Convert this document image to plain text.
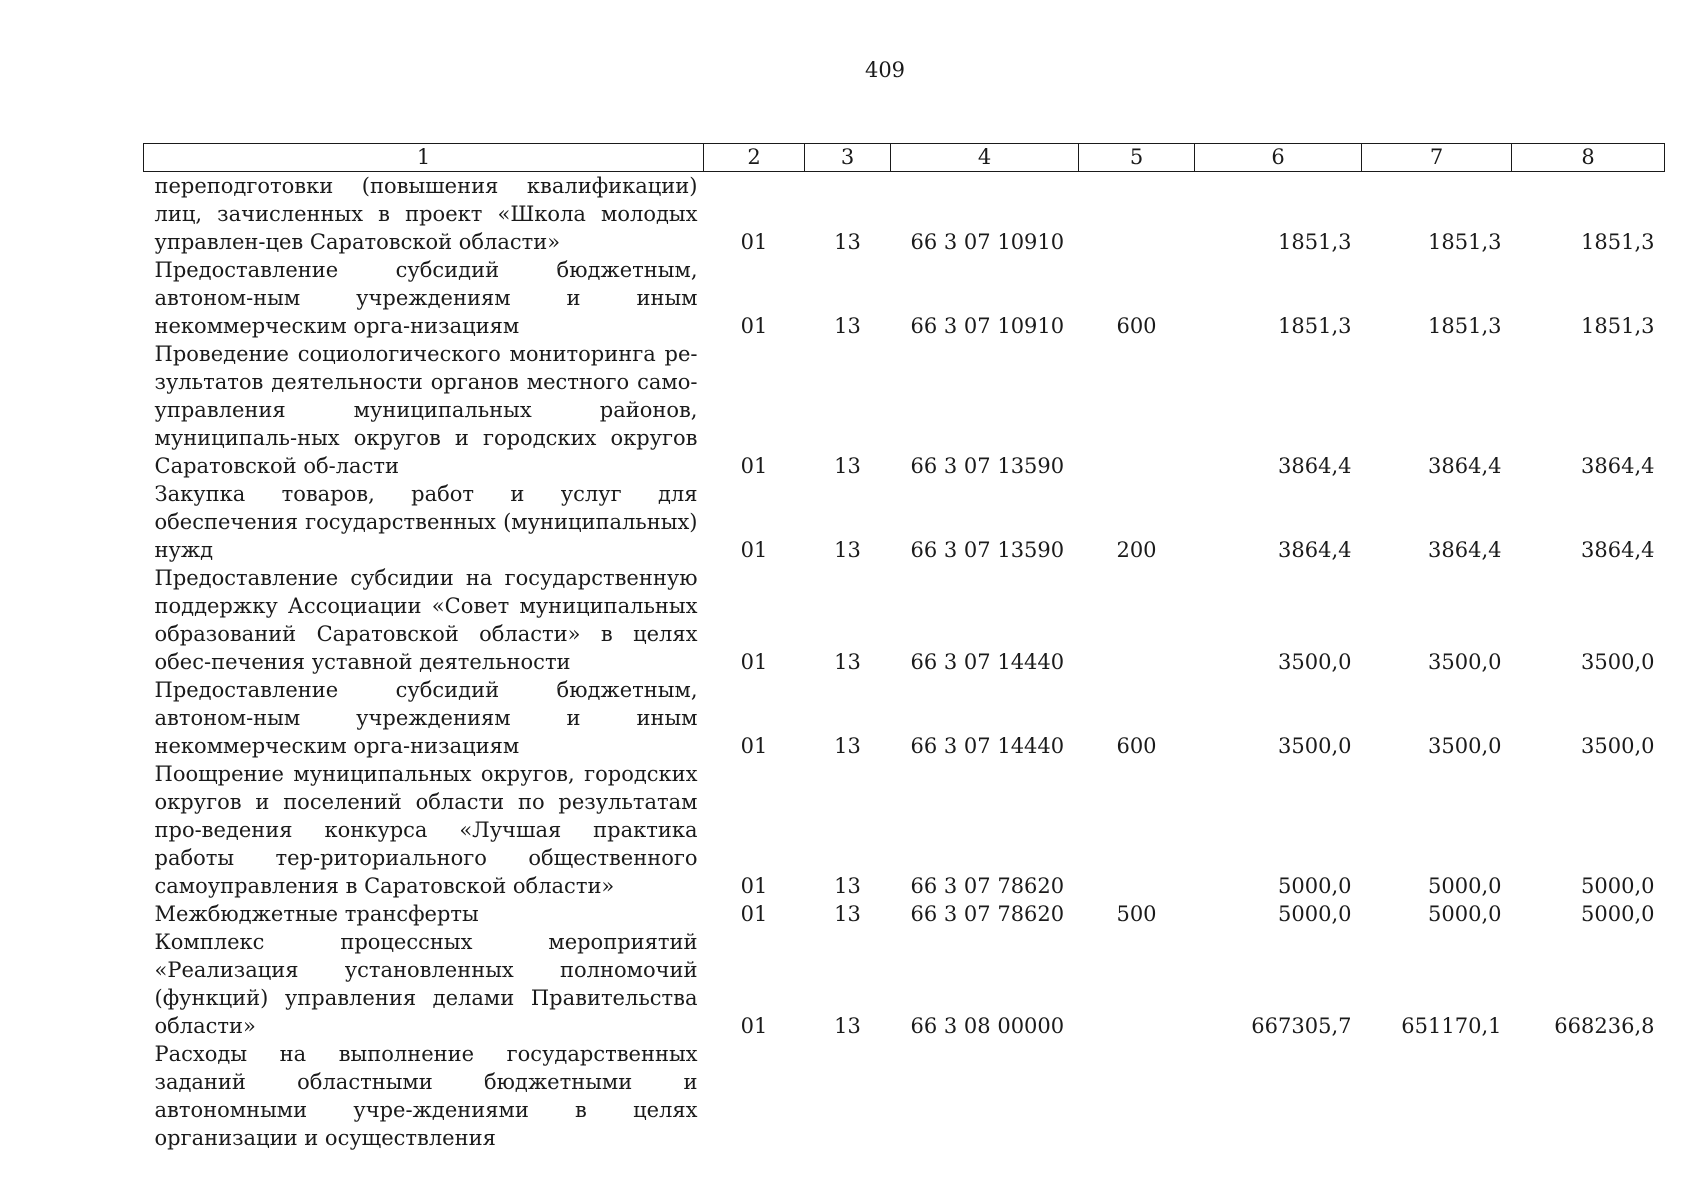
409
1	2	3	4	5	6	7	8
переподготовки (повышения квалификации) лиц, зачисленных в проект «Школа молодых управлен-цев Саратовской области»	01	13	66 3 07 10910		1851,3	1851,3	1851,3
Предоставление субсидий бюджетным, автоном-ным учреждениям и иным некоммерческим орга-низациям	01	13	66 3 07 10910	600	1851,3	1851,3	1851,3
Проведение социологического мониторинга ре-зультатов деятельности органов местного само-управления муниципальных районов, муниципаль-ных округов и городских округов Саратовской об-ласти	01	13	66 3 07 13590		3864,4	3864,4	3864,4
Закупка товаров, работ и услуг для обеспечения государственных (муниципальных) нужд	01	13	66 3 07 13590	200	3864,4	3864,4	3864,4
Предоставление субсидии на государственную поддержку Ассоциации «Совет муниципальных образований Саратовской области» в целях обес-печения уставной деятельности	01	13	66 3 07 14440		3500,0	3500,0	3500,0
Предоставление субсидий бюджетным, автоном-ным учреждениям и иным некоммерческим орга-низациям	01	13	66 3 07 14440	600	3500,0	3500,0	3500,0
Поощрение муниципальных округов, городских округов и поселений области по результатам про-ведения конкурса «Лучшая практика работы тер-риториального общественного самоуправления в Саратовской области»	01	13	66 3 07 78620		5000,0	5000,0	5000,0
Межбюджетные трансферты	01	13	66 3 07 78620	500	5000,0	5000,0	5000,0
Комплекс процессных мероприятий «Реализация установленных полномочий (функций) управления делами Правительства области»	01	13	66 3 08 00000		667305,7	651170,1	668236,8
Расходы на выполнение государственных заданий областными бюджетными и автономными учре-ждениями в целях организации и осуществления							
